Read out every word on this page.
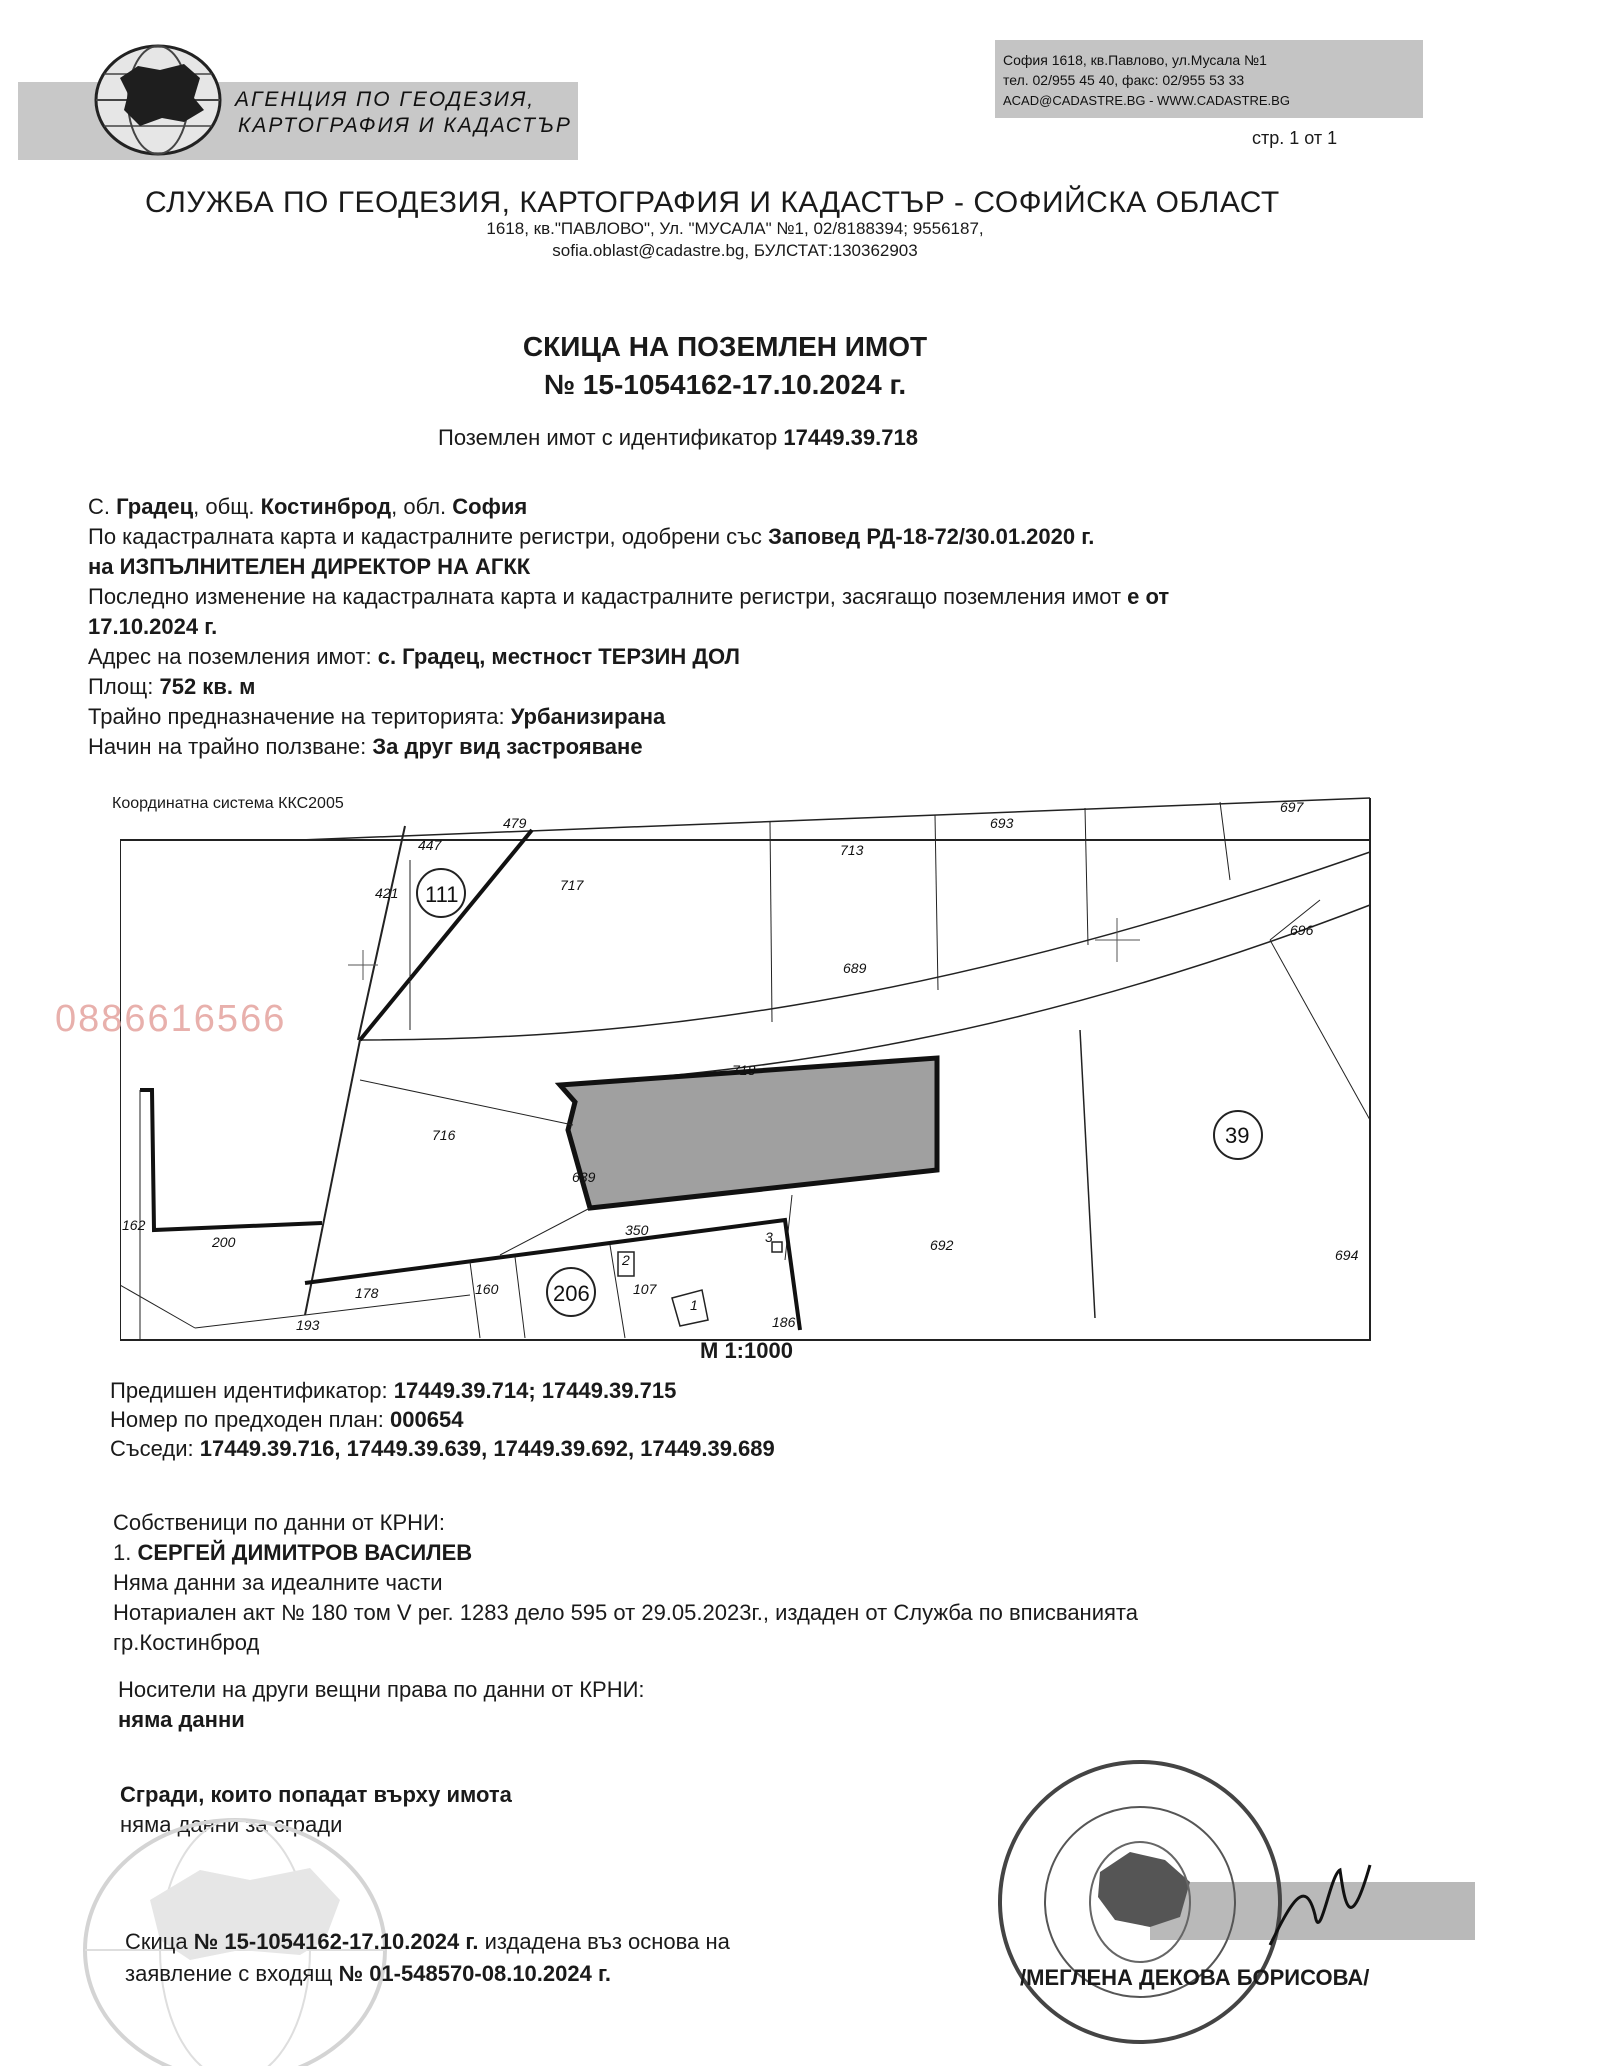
АГЕНЦИЯ ПО ГЕОДЕЗИЯ,
КАРТОГРАФИЯ И КАДАСТЪР
София 1618, кв.Павлово, ул.Мусала №1
тел. 02/955 45 40, факс: 02/955 53 33
ACAD@CADASTRE.BG - WWW.CADASTRE.BG
стр. 1 от 1
СЛУЖБА ПО ГЕОДЕЗИЯ, КАРТОГРАФИЯ И КАДАСТЪР - СОФИЙСКА ОБЛАСТ
1618, кв."ПАВЛОВО", Ул. "МУСАЛА" №1, 02/8188394; 9556187,
sofia.oblast@cadastre.bg, БУЛСТАТ:130362903
СКИЦА НА ПОЗЕМЛЕН ИМОТ
№ 15-1054162-17.10.2024 г.
Поземлен имот с идентификатор 17449.39.718
С. Градец, общ. Костинброд, обл. София
По кадастралната карта и кадастралните регистри, одобрени със Заповед РД-18-72/30.01.2020 г.
на ИЗПЪЛНИТЕЛЕН ДИРЕКТОР НА АГКК
Последно изменение на кадастралната карта и кадастралните регистри, засягащо поземления имот е от
17.10.2024 г.
Адрес на поземления имот: с. Градец, местност ТЕРЗИН ДОЛ
Площ: 752 кв. м
Трайно предназначение на територията: Урбанизирана
Начин на трайно ползване: За друг вид застрояване
Координатна система ККС2005
111
206
39
479
447
421	717
713
693
697
696
689
718
716
639
350
200
162
178	160	107
193
1
2
3
186
692
694
0886616566
М 1:1000
Предишен идентификатор: 17449.39.714; 17449.39.715
Номер по предходен план: 000654
Съседи: 17449.39.716, 17449.39.639, 17449.39.692, 17449.39.689
Собственици по данни от КРНИ:
1. СЕРГЕЙ ДИМИТРОВ ВАСИЛЕВ
Няма данни за идеалните части
Нотариален акт № 180 том V рег. 1283 дело 595 от 29.05.2023г., издаден от Служба по вписванията
гр.Костинброд
Носители на други вещни права по данни от КРНИ:
няма данни
Сгради, които попадат върху имота
няма данни за сгради
Скица № 15-1054162-17.10.2024 г. издадена въз основа на
заявление с входящ № 01-548570-08.10.2024 г.	/МЕГЛЕНА ДЕКОВА БОРИСОВА/
